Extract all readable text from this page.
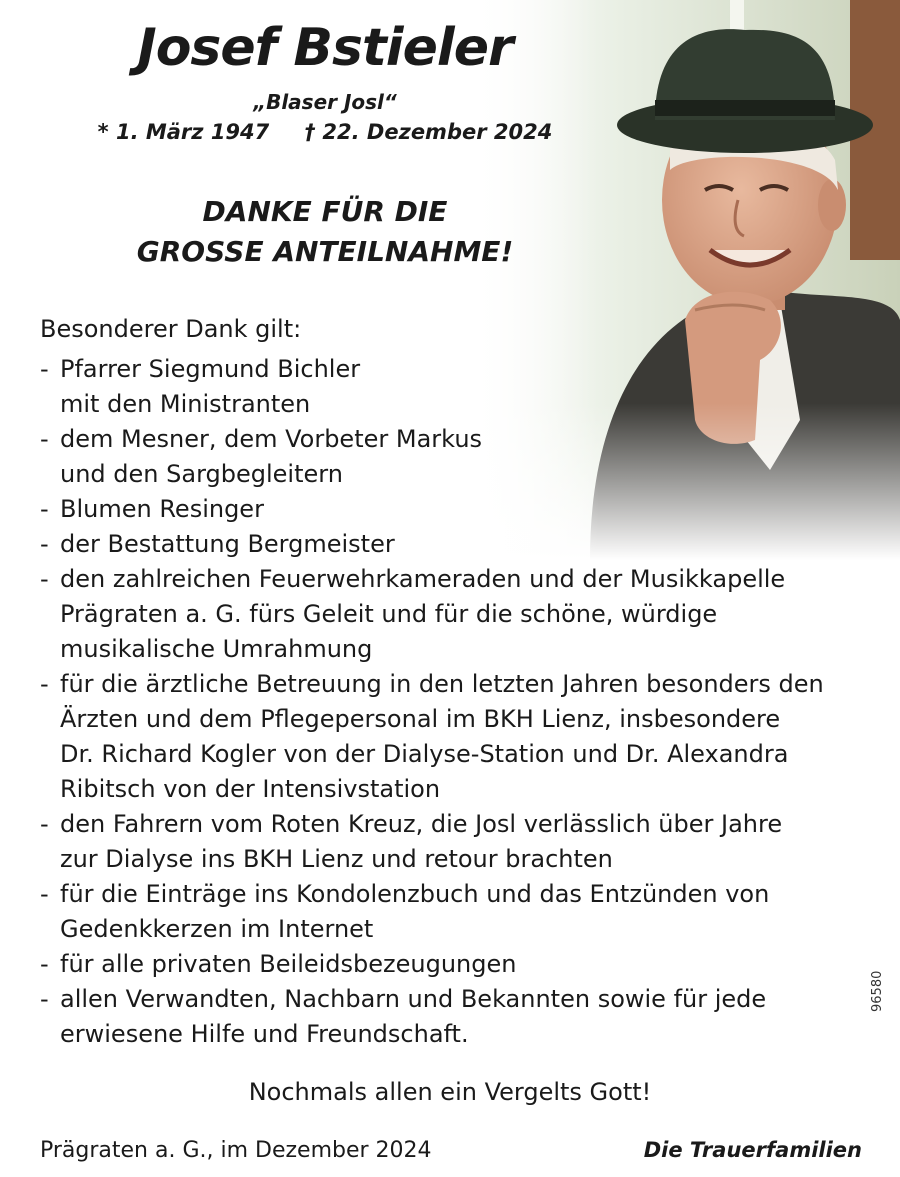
Josef Bstieler
„Blaser Josl“
* 1. März 1947 † 22. Dezember 2024
DANKE FÜR DIE
GROSSE ANTEILNAHME!
Besonderer Dank gilt:
- Pfarrer Siegmund Bichler
mit den Ministranten
- dem Mesner, dem Vorbeter Markus
und den Sargbegleitern
- Blumen Resinger
- der Bestattung Bergmeister
- den zahlreichen Feuerwehrkameraden und der Musikkapelle
Prägraten a. G. fürs Geleit und für die schöne, würdige
musikalische Umrahmung
- für die ärztliche Betreuung in den letzten Jahren besonders den
Ärzten und dem Pflegepersonal im BKH Lienz, insbesondere
Dr. Richard Kogler von der Dialyse-Station und Dr. Alexandra
Ribitsch von der Intensivstation
- den Fahrern vom Roten Kreuz, die Josl verlässlich über Jahre
zur Dialyse ins BKH Lienz und retour brachten
- für die Einträge ins Kondolenzbuch und das Entzünden von
Gedenkkerzen im Internet
- für alle privaten Beileidsbezeugungen
- allen Verwandten, Nachbarn und Bekannten sowie für jede
erwiesene Hilfe und Freundschaft.
Nochmals allen ein Vergelts Gott!
Prägraten a. G., im Dezember 2024	Die Trauerfamilien
96580
